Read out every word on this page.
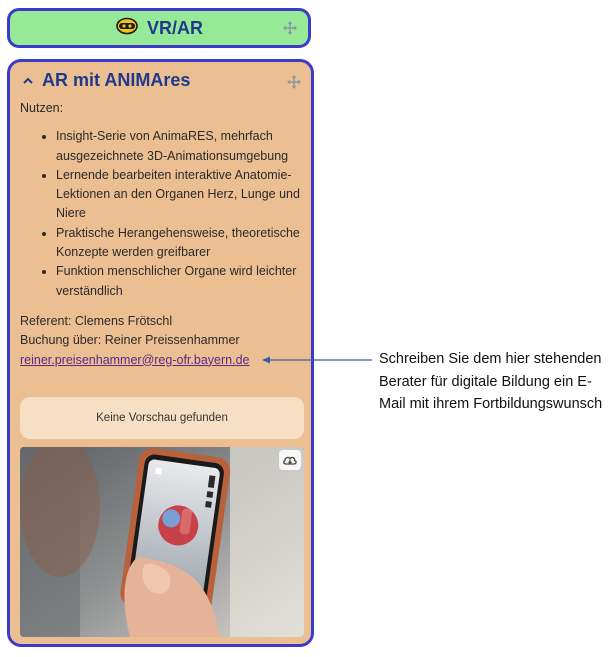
VR/AR
AR mit ANIMAres

Nutzen:

• Insight-Serie von AnimaRES, mehrfach ausgezeichnete 3D-Animationsumgebung
• Lernende bearbeiten interaktive Anatomie-Lektionen an den Organen Herz, Lunge und Niere
• Praktische Herangehensweise, theoretische Konzepte werden greifbarer
• Funktion menschlicher Organe wird leichter verständlich

Referent: Clemens Frötschl

Buchung über: Reiner Preissenhammer

reiner.preisenhammer@reg-ofr.bayern.de

Keine Vorschau gefunden
Schreiben Sie dem hier stehenden Berater für digitale Bildung ein E-Mail mit ihrem Fortbildungswunsch
